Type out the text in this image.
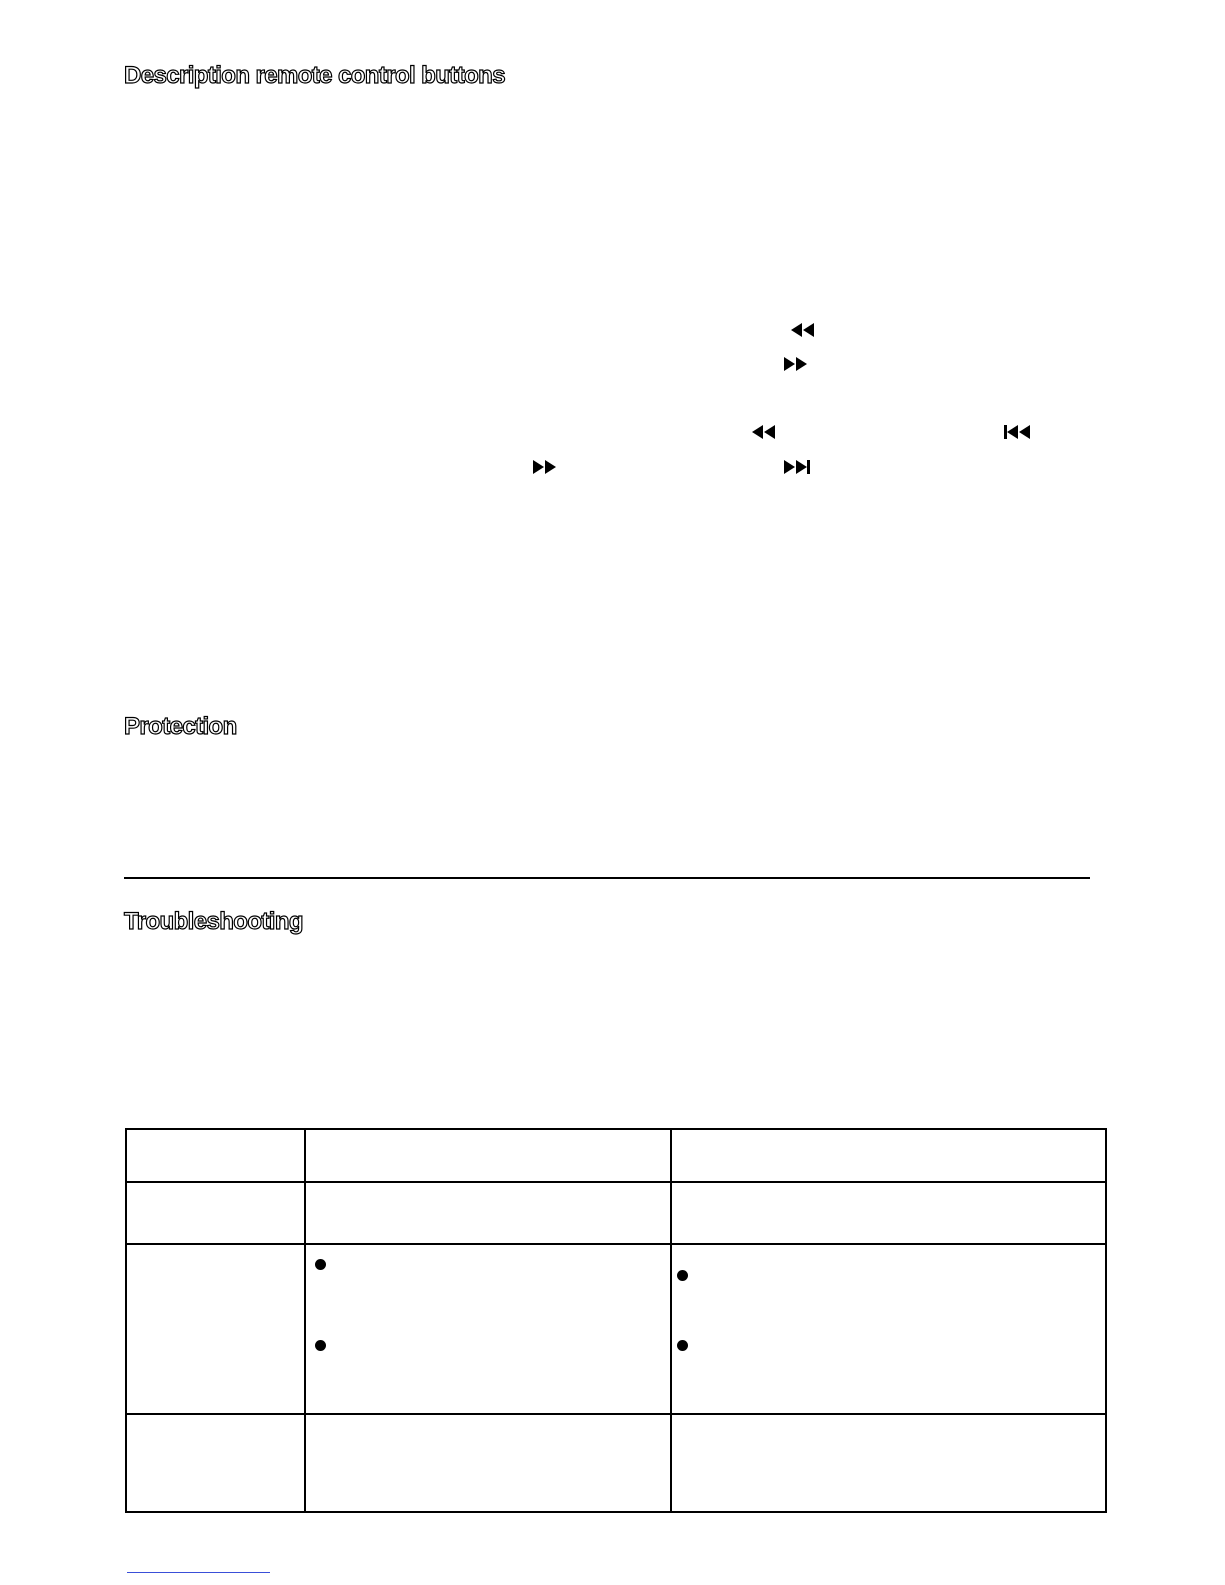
Description remote control buttons
Protection
Troubleshooting
